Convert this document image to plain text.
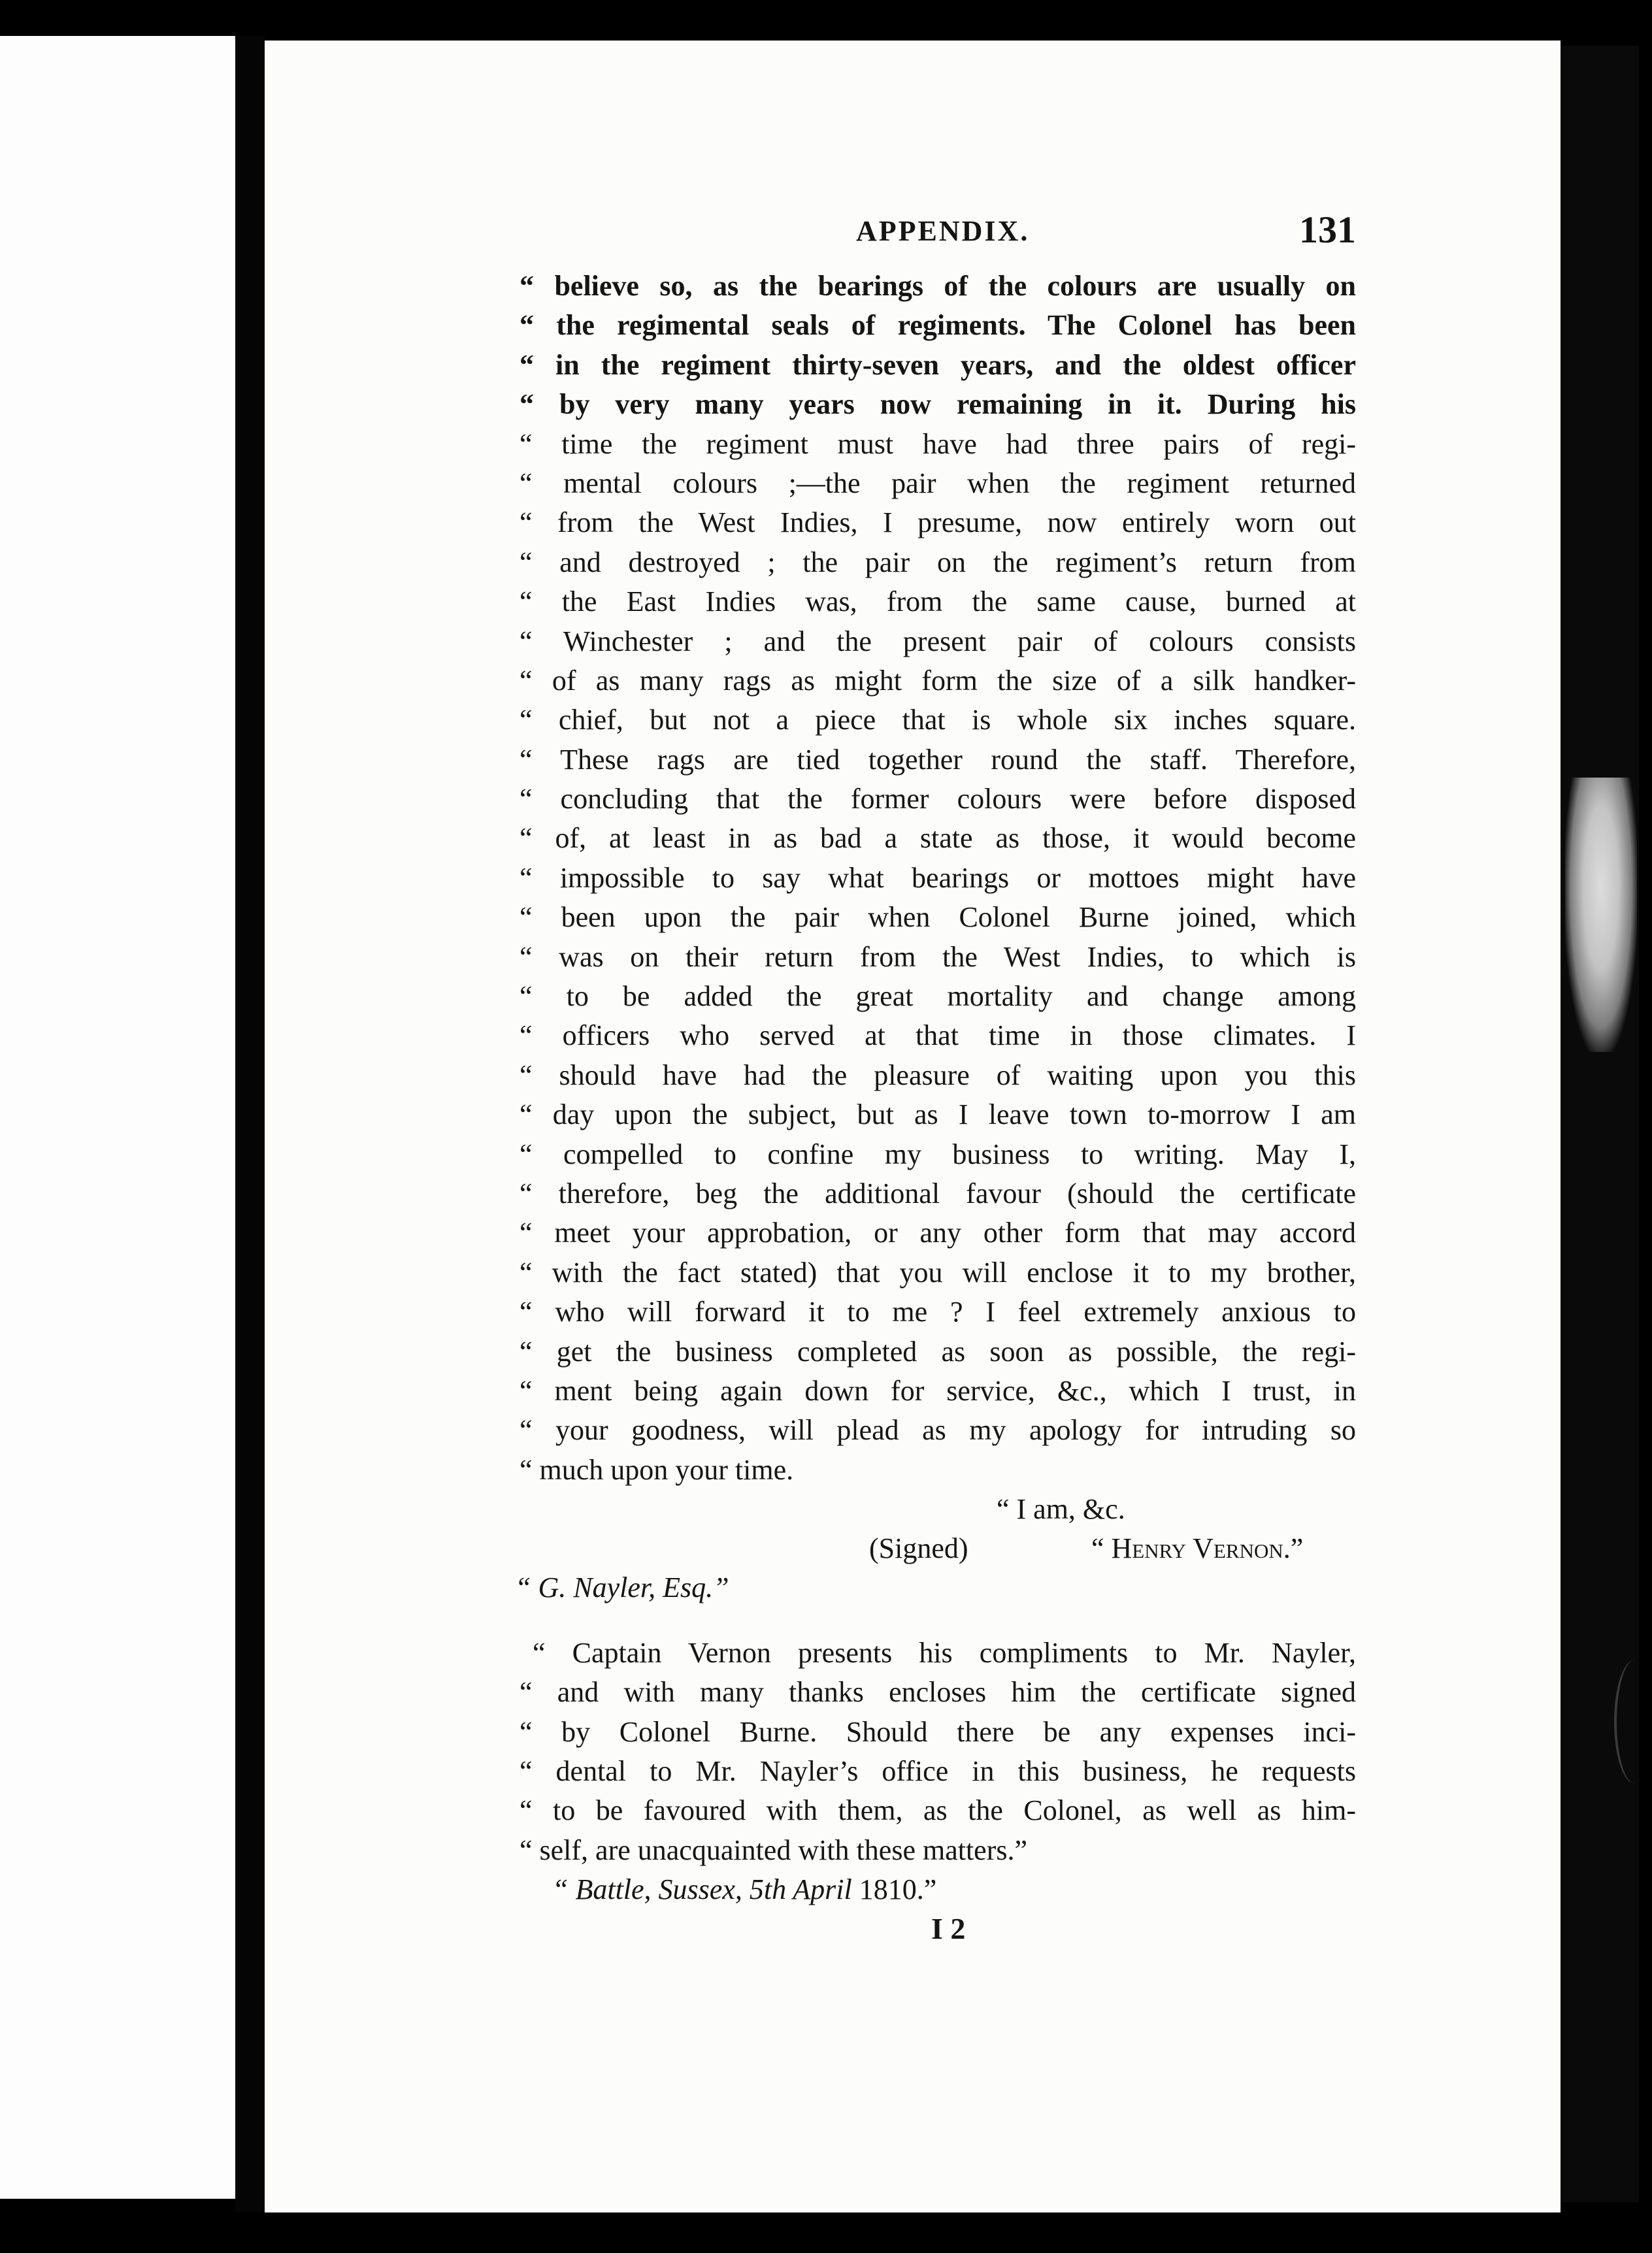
APPENDIX.	131
“ believe so, as the bearings of the colours are usually on
“ the regimental seals of regiments. The Colonel has been
“ in the regiment thirty-seven years, and the oldest officer
“ by very many years now remaining in it. During his
“ time the regiment must have had three pairs of regi-
“ mental colours ;—the pair when the regiment returned
“ from the West Indies, I presume, now entirely worn out
“ and destroyed ; the pair on the regiment’s return from
“ the East Indies was, from the same cause, burned at
“ Winchester ; and the present pair of colours consists
“ of as many rags as might form the size of a silk handker-
“ chief, but not a piece that is whole six inches square.
“ These rags are tied together round the staff. Therefore,
“ concluding that the former colours were before disposed
“ of, at least in as bad a state as those, it would become
“ impossible to say what bearings or mottoes might have
“ been upon the pair when Colonel Burne joined, which
“ was on their return from the West Indies, to which is
“ to be added the great mortality and change among
“ officers who served at that time in those climates. I
“ should have had the pleasure of waiting upon you this
“ day upon the subject, but as I leave town to-morrow I am
“ compelled to confine my business to writing. May I,
“ therefore, beg the additional favour (should the certificate
“ meet your approbation, or any other form that may accord
“ with the fact stated) that you will enclose it to my brother,
“ who will forward it to me ? I feel extremely anxious to
“ get the business completed as soon as possible, the regi-
“ ment being again down for service, &c., which I trust, in
“ your goodness, will plead as my apology for intruding so
“ much upon your time.
“ I am, &c.
(Signed)	“ Henry Vernon.”
“ G. Nayler, Esq.”
“ Captain Vernon presents his compliments to Mr. Nayler,
“ and with many thanks encloses him the certificate signed
“ by Colonel Burne. Should there be any expenses inci-
“ dental to Mr. Nayler’s office in this business, he requests
“ to be favoured with them, as the Colonel, as well as him-
“ self, are unacquainted with these matters.”
“ Battle, Sussex, 5th April 1810.”
I 2
